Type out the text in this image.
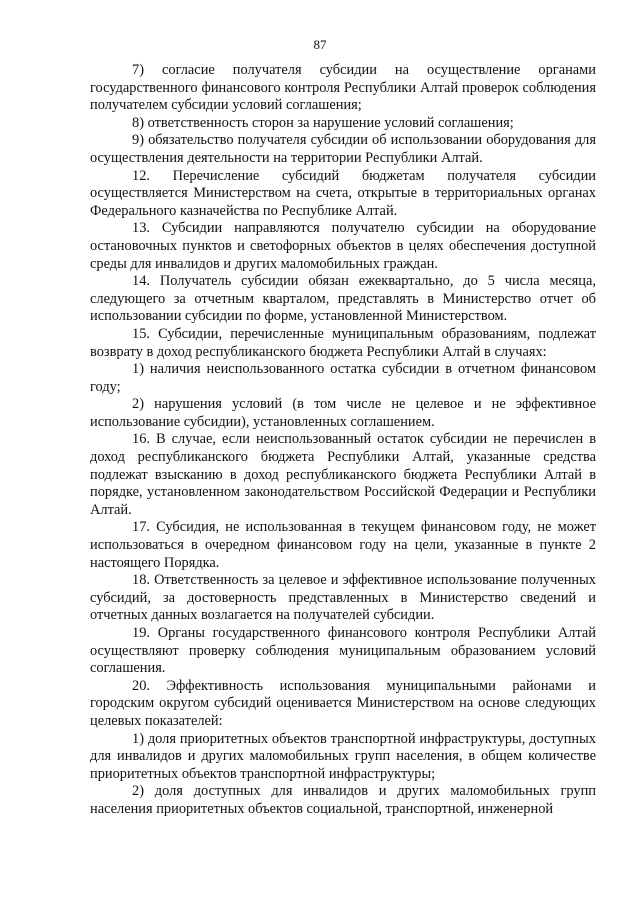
87

7) согласие получателя субсидии на осуществление органами государственного финансового контроля Республики Алтай проверок соблюдения получателем субсидии условий соглашения;

8) ответственность сторон за нарушение условий соглашения;

9) обязательство получателя субсидии об использовании оборудования для осуществления деятельности на территории Республики Алтай.

12. Перечисление субсидий бюджетам получателя субсидии осуществляется Министерством на счета, открытые в территориальных органах Федерального казначейства по Республике Алтай.

13. Субсидии направляются получателю субсидии на оборудование остановочных пунктов и светофорных объектов в целях обеспечения доступной среды для инвалидов и других маломобильных граждан.

14. Получатель субсидии обязан ежеквартально, до 5 числа месяца, следующего за отчетным кварталом, представлять в Министерство отчет об использовании субсидии по форме, установленной Министерством.

15. Субсидии, перечисленные муниципальным образованиям, подлежат возврату в доход республиканского бюджета Республики Алтай в случаях:

1) наличия неиспользованного остатка субсидии в отчетном финансовом году;

2) нарушения условий (в том числе не целевое и не эффективное использование субсидии), установленных соглашением.

16. В случае, если неиспользованный остаток субсидии не перечислен в доход республиканского бюджета Республики Алтай, указанные средства подлежат взысканию в доход республиканского бюджета Республики Алтай в порядке, установленном законодательством Российской Федерации и Республики Алтай.

17. Субсидия, не использованная в текущем финансовом году, не может использоваться в очередном финансовом году на цели, указанные в пункте 2 настоящего Порядка.

18. Ответственность за целевое и эффективное использование полученных субсидий, за достоверность представленных в Министерство сведений и отчетных данных возлагается на получателей субсидии.

19. Органы государственного финансового контроля Республики Алтай осуществляют проверку соблюдения муниципальным образованием условий соглашения.

20. Эффективность использования муниципальными районами и городским округом субсидий оценивается Министерством на основе следующих целевых показателей:

1) доля приоритетных объектов транспортной инфраструктуры, доступных для инвалидов и других маломобильных групп населения, в общем количестве приоритетных объектов транспортной инфраструктуры;

2) доля доступных для инвалидов и других маломобильных групп населения приоритетных объектов социальной, транспортной, инженерной
